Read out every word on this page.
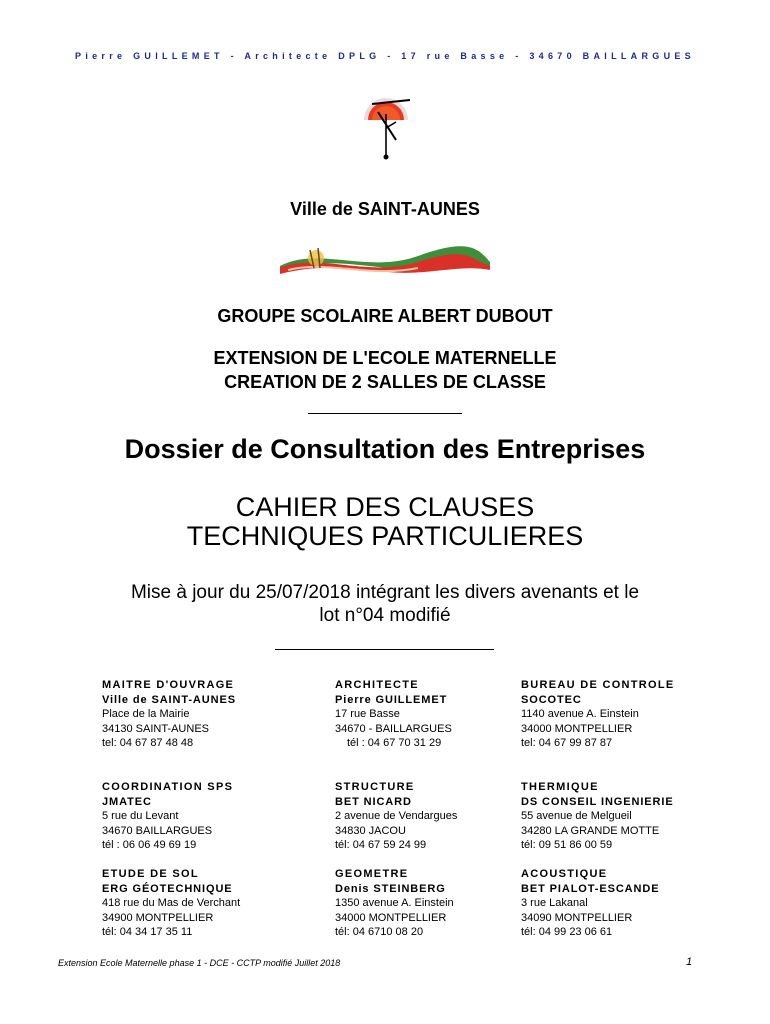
Pierre GUILLEMET - Architecte DPLG - 17 rue Basse - 34670 BAILLARGUES
Ville de SAINT-AUNES
GROUPE SCOLAIRE ALBERT DUBOUT
EXTENSION DE L'ECOLE MATERNELLE
CREATION DE 2 SALLES DE CLASSE
Dossier de Consultation des Entreprises
CAHIER DES CLAUSES
TECHNIQUES PARTICULIERES
Mise à jour du 25/07/2018 intégrant les divers avenants et le
lot n°04 modifié
MAITRE D'OUVRAGE
Ville de SAINT-AUNES
Place de la Mairie
34130 SAINT-AUNES
tel: 04 67 87 48 48
ARCHITECTE
Pierre GUILLEMET
17 rue Basse
34670 - BAILLARGUES
tél : 04 67 70 31 29
BUREAU DE CONTROLE
SOCOTEC
1140 avenue A. Einstein
34000 MONTPELLIER
tel: 04 67 99 87 87
COORDINATION SPS
JMATEC
5 rue du Levant
34670 BAILLARGUES
tél : 06 06 49 69 19
STRUCTURE
BET NICARD
2 avenue de Vendargues
34830 JACOU
tél: 04 67 59 24 99
THERMIQUE
DS CONSEIL INGENIERIE
55 avenue de Melgueil
34280 LA GRANDE MOTTE
tél: 09 51 86 00 59
ETUDE DE SOL
ERG GÉOTECHNIQUE
418 rue du Mas de Verchant
34900 MONTPELLIER
tél: 04 34 17 35 11
GEOMETRE
Denis STEINBERG
1350 avenue A. Einstein
34000 MONTPELLIER
tél: 04 6710 08 20
ACOUSTIQUE
BET PIALOT-ESCANDE
3 rue Lakanal
34090 MONTPELLIER
tél: 04 99 23 06 61
Extension Ecole Maternelle phase 1 - DCE - CCTP modifié Juillet 2018	1
